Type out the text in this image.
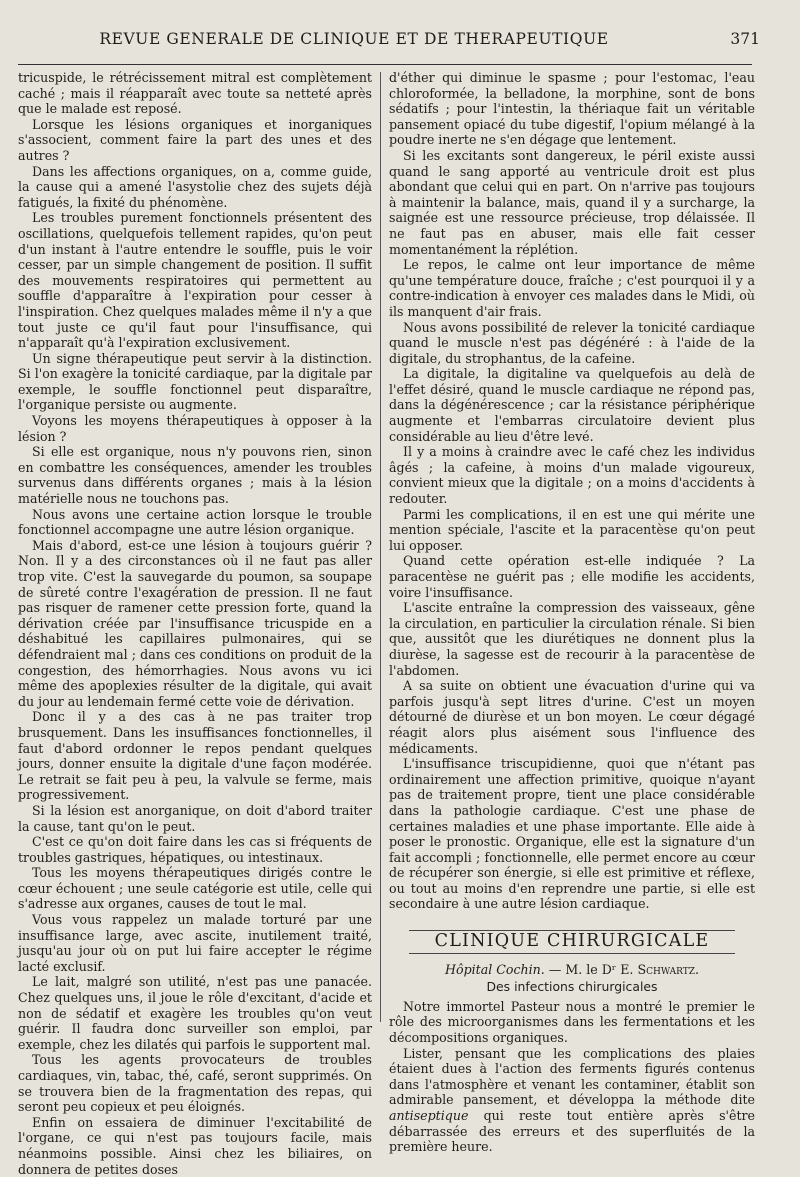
REVUE GENERALE DE CLINIQUE ET DE THERAPEUTIQUE	371

tricuspide, le rétrécissement mitral est complètement caché ; mais il réapparaît avec toute sa netteté après que le malade est reposé.

Lorsque les lésions organiques et inorganiques s'associent, comment faire la part des unes et des autres ?

Dans les affections organiques, on a, comme guide, la cause qui a amené l'asystolie chez des sujets déjà fatigués, la fixité du phénomène.

Les troubles purement fonctionnels présentent des oscillations, quelquefois tellement rapides, qu'on peut d'un instant à l'autre entendre le souffle, puis le voir cesser, par un simple changement de position. Il suffit des mouvements respiratoires qui permettent au souffle d'apparaître à l'expiration pour cesser à l'inspiration. Chez quelques malades même il n'y a que tout juste ce qu'il faut pour l'insuffisance, qui n'apparaît qu'à l'expiration exclusivement.

Un signe thérapeutique peut servir à la distinction. Si l'on exagère la tonicité cardiaque, par la digitale par exemple, le souffle fonctionnel peut disparaître, l'organique persiste ou augmente.

Voyons les moyens thérapeutiques à opposer à la lésion ?

Si elle est organique, nous n'y pouvons rien, sinon en combattre les conséquences, amender les troubles survenus dans différents organes ; mais à la lésion matérielle nous ne touchons pas.

Nous avons une certaine action lorsque le trouble fonctionnel accompagne une autre lésion organique.

Mais d'abord, est-ce une lésion à toujours guérir ? Non. Il y a des circonstances où il ne faut pas aller trop vite. C'est la sauvegarde du poumon, sa soupape de sûreté contre l'exagération de pression. Il ne faut pas risquer de ramener cette pression forte, quand la dérivation créée par l'insuffisance tricuspide en a déshabitué les capillaires pulmonaires, qui se défendraient mal ; dans ces conditions on produit de la congestion, des hémorrhagies. Nous avons vu ici même des apoplexies résulter de la digitale, qui avait du jour au lendemain fermé cette voie de dérivation.

Donc il y a des cas à ne pas traiter trop brusquement. Dans les insuffisances fonctionnelles, il faut d'abord ordonner le repos pendant quelques jours, donner ensuite la digitale d'une façon modérée. Le retrait se fait peu à peu, la valvule se ferme, mais progressivement.

Si la lésion est anorganique, on doit d'abord traiter la cause, tant qu'on le peut.

C'est ce qu'on doit faire dans les cas si fréquents de troubles gastriques, hépatiques, ou intestinaux.

Tous les moyens thérapeutiques dirigés contre le cœur échouent ; une seule catégorie est utile, celle qui s'adresse aux organes, causes de tout le mal.

Vous vous rappelez un malade torturé par une insuffisance large, avec ascite, inutilement traité, jusqu'au jour où on put lui faire accepter le régime lacté exclusif.

Le lait, malgré son utilité, n'est pas une panacée. Chez quelques uns, il joue le rôle d'excitant, d'acide et non de sédatif et exagère les troubles qu'on veut guérir. Il faudra donc surveiller son emploi, par exemple, chez les dilatés qui parfois le supportent mal.

Tous les agents provocateurs de troubles cardiaques, vin, tabac, thé, café, seront supprimés. On se trouvera bien de la fragmentation des repas, qui seront peu copieux et peu éloignés.

Enfin on essaiera de diminuer l'excitabilité de l'organe, ce qui n'est pas toujours facile, mais néanmoins possible. Ainsi chez les biliaires, on donnera de petites doses

d'éther qui diminue le spasme ; pour l'estomac, l'eau chloroformée, la belladone, la morphine, sont de bons sédatifs ; pour l'intestin, la thériaque fait un véritable pansement opiacé du tube digestif, l'opium mélangé à la poudre inerte ne s'en dégage que lentement.

Si les excitants sont dangereux, le péril existe aussi quand le sang apporté au ventricule droit est plus abondant que celui qui en part. On n'arrive pas toujours à maintenir la balance, mais, quand il y a surcharge, la saignée est une ressource précieuse, trop délaissée. Il ne faut pas en abuser, mais elle fait cesser momentanément la réplétion.

Le repos, le calme ont leur importance de même qu'une température douce, fraîche ; c'est pourquoi il y a contre-indication à envoyer ces malades dans le Midi, où ils manquent d'air frais.

Nous avons possibilité de relever la tonicité cardiaque quand le muscle n'est pas dégénéré : à l'aide de la digitale, du strophantus, de la cafeine.

La digitale, la digitaline va quelquefois au delà de l'effet désiré, quand le muscle cardiaque ne répond pas, dans la dégénérescence ; car la résistance périphérique augmente et l'embarras circulatoire devient plus considérable au lieu d'être levé.

Il y a moins à craindre avec le café chez les individus âgés ; la cafeine, à moins d'un malade vigoureux, convient mieux que la digitale ; on a moins d'accidents à redouter.

Parmi les complications, il en est une qui mérite une mention spéciale, l'ascite et la paracentèse qu'on peut lui opposer.

Quand cette opération est-elle indiquée ? La paracentèse ne guérit pas ; elle modifie les accidents, voire l'insuffisance.

L'ascite entraîne la compression des vaisseaux, gêne la circulation, en particulier la circulation rénale. Si bien que, aussitôt que les diurétiques ne donnent plus la diurèse, la sagesse est de recourir à la paracentèse de l'abdomen.

A sa suite on obtient une évacuation d'urine qui va parfois jusqu'à sept litres d'urine. C'est un moyen détourné de diurèse et un bon moyen. Le cœur dégagé réagit alors plus aisément sous l'influence des médicaments.

L'insuffisance triscupidienne, quoi que n'étant pas ordinairement une affection primitive, quoique n'ayant pas de traitement propre, tient une place considérable dans la pathologie cardiaque. C'est une phase de certaines maladies et une phase importante. Elle aide à poser le pronostic. Organique, elle est la signature d'un fait accompli ; fonctionnelle, elle permet encore au cœur de récupérer son énergie, si elle est primitive et réflexe, ou tout au moins d'en reprendre une partie, si elle est secondaire à une autre lésion cardiaque.

CLINIQUE CHIRURGICALE
Hôpital Cochin. — M. le Dʳ E. Schwartz.
Des infections chirurgicales

Notre immortel Pasteur nous a montré le premier le rôle des microorganismes dans les fermentations et les décompositions organiques.

Lister, pensant que les complications des plaies étaient dues à l'action des ferments figurés contenus dans l'atmosphère et venant les contaminer, établit son admirable pansement, et développa la méthode dite antiseptique qui reste tout entière après s'être débarrassée des erreurs et des superfluités de la première heure.
